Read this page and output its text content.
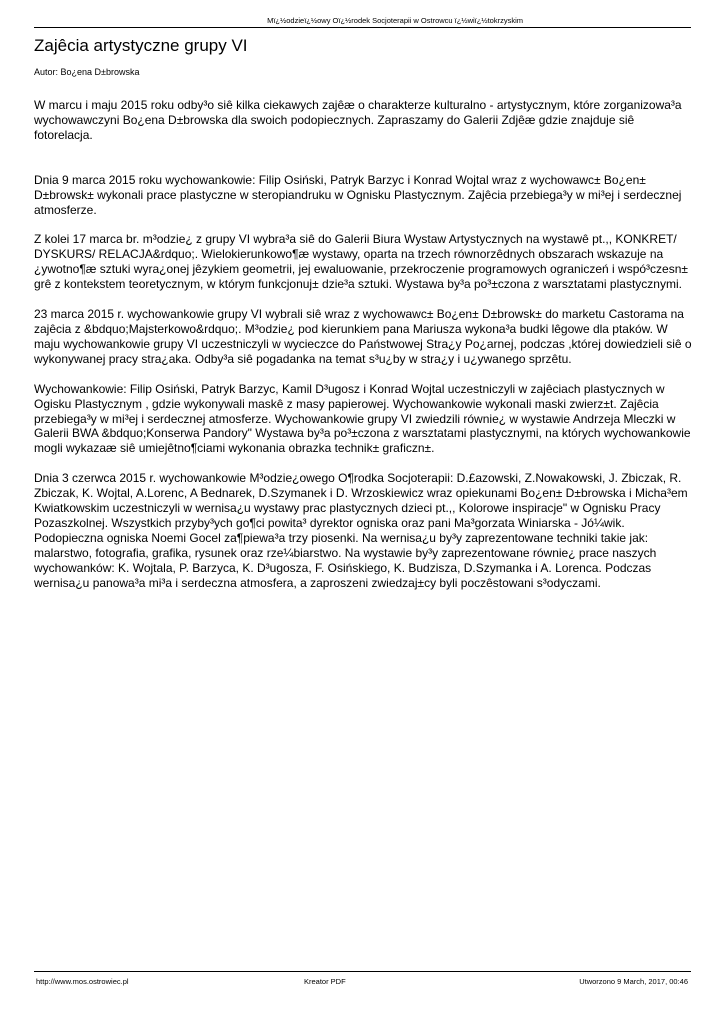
Mï¿½odzieï¿½owy Oï¿½rodek Socjoterapii w Ostrowcu ï¿½wiï¿½tokrzyskim
Zajêcia artystyczne grupy VI
Autor: Bo¿ena D±browska

W marcu i maju 2015 roku odby³o siê kilka ciekawych zajêæ o charakterze kulturalno - artystycznym, które zorganizowa³a wychowawczyni Bo¿ena D±browska dla swoich podopiecznych. Zapraszamy do Galerii Zdjêæ gdzie znajduje siê fotorelacja.

Dnia 9 marca 2015 roku wychowankowie: Filip Osiński, Patryk Barzyc i Konrad Wojtal wraz z wychowawc± Bo¿en± D±browsk± wykonali prace plastyczne w steropiandruku w Ognisku Plastycznym. Zajêcia przebiega³y w mi³ej i serdecznej atmosferze.

Z kolei 17 marca br. m³odzie¿ z grupy VI wybra³a siê do Galerii Biura Wystaw Artystycznych na wystawê pt.,, KONKRET/ DYSKURS/ RELACJA&rdquo;. Wielokierunkowo¶æ wystawy, oparta na trzech równorzêdnych obszarach wskazuje na ¿ywotno¶æ sztuki wyra¿onej jêzykiem geometrii, jej ewaluowanie, przekroczenie programowych ograniczeń i wspó³czesn± grê z kontekstem teoretycznym, w którym funkcjonuj± dzie³a sztuki. Wystawa by³a po³±czona z warsztatami plastycznymi.

23 marca 2015 r. wychowankowie grupy VI wybrali siê wraz z wychowawc± Bo¿en± D±browsk± do marketu Castorama na zajêcia z &bdquo;Majsterkowo&rdquo;. M³odzie¿ pod kierunkiem pana Mariusza wykona³a budki lêgowe dla ptaków. W maju wychowankowie grupy VI uczestniczyli w wycieczce do Państwowej Stra¿y Po¿arnej, podczas ,której dowiedzieli siê o wykonywanej pracy stra¿aka. Odby³a siê pogadanka na temat s³u¿by w stra¿y i u¿ywanego sprzêtu.

Wychowankowie: Filip Osiński, Patryk Barzyc, Kamil D³ugosz i Konrad Wojtal uczestniczyli w zajêciach plastycznych w Ogisku Plastycznym , gdzie wykonywali maskê z masy papierowej. Wychowankowie wykonali maski zwierz±t. Zajêcia przebiega³y w mi³ej i serdecznej atmosferze. Wychowankowie grupy VI zwiedzili równie¿ w wystawie Andrzeja Mleczki w Galerii BWA &bdquo;Konserwa Pandory" Wystawa by³a po³±czona z warsztatami plastycznymi, na których wychowankowie mogli wykazaæ siê umiejêtno¶ciami wykonania obrazka technik± graficzn±.

Dnia 3 czerwca 2015 r. wychowankowie M³odzie¿owego O¶rodka Socjoterapii: D.£azowski, Z.Nowakowski, J. Zbiczak, R. Zbiczak, K. Wojtal, A.Lorenc, A Bednarek, D.Szymanek i D. Wrzoskiewicz wraz opiekunami Bo¿en± D±browska i Micha³em Kwiatkowskim uczestniczyli w wernisa¿u wystawy prac plastycznych dzieci pt.,, Kolorowe inspiracje" w Ognisku Pracy Pozaszkolnej. Wszystkich przyby³ych go¶ci powita³ dyrektor ogniska oraz pani Ma³gorzata Winiarska - Jó¼wik. Podopieczna ogniska Noemi Gocel za¶piewa³a trzy piosenki. Na wernisa¿u by³y zaprezentowane techniki takie jak: malarstwo, fotografia, grafika, rysunek oraz rze¼biarstwo. Na wystawie by³y zaprezentowane równie¿ prace naszych wychowanków: K. Wojtala, P. Barzyca, K. D³ugosza, F. Osińskiego, K. Budzisza, D.Szymanka i A. Lorenca. Podczas wernisa¿u panowa³a mi³a i serdeczna atmosfera, a zaproszeni zwiedzaj±cy byli poczêstowani s³odyczami.

http://www.mos.ostrowiec.pl	Kreator PDF	Utworzono 9 March, 2017, 00:46
